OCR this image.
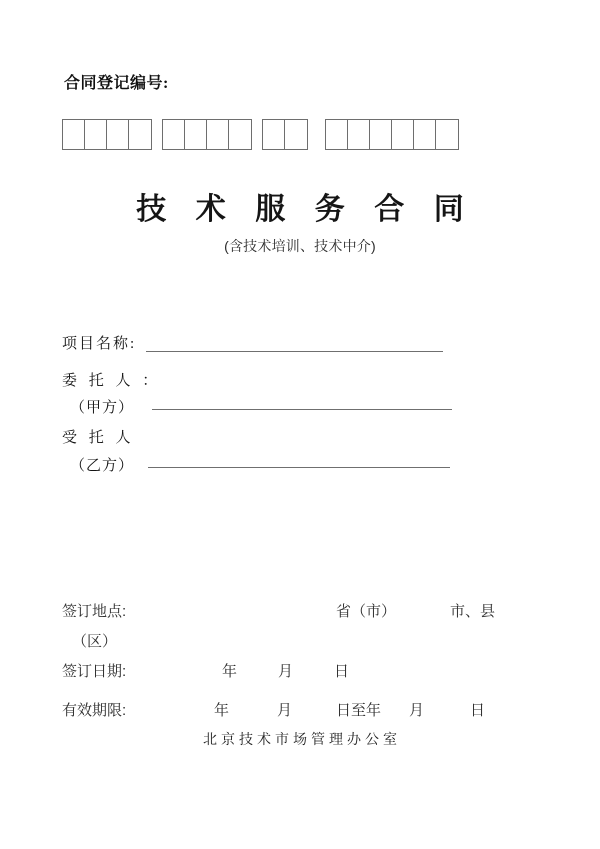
合同登记编号:
技 术 服 务 合 同
(含技术培训、技术中介)
项目名称:
委 托 人 ：
（甲方）
受 托 人
（乙方）
签订地点:	省（市）	市、县
（区）
签订日期:	年	月	日
有效期限:	年	月	日至年 月	日
北京技术市场管理办公室
